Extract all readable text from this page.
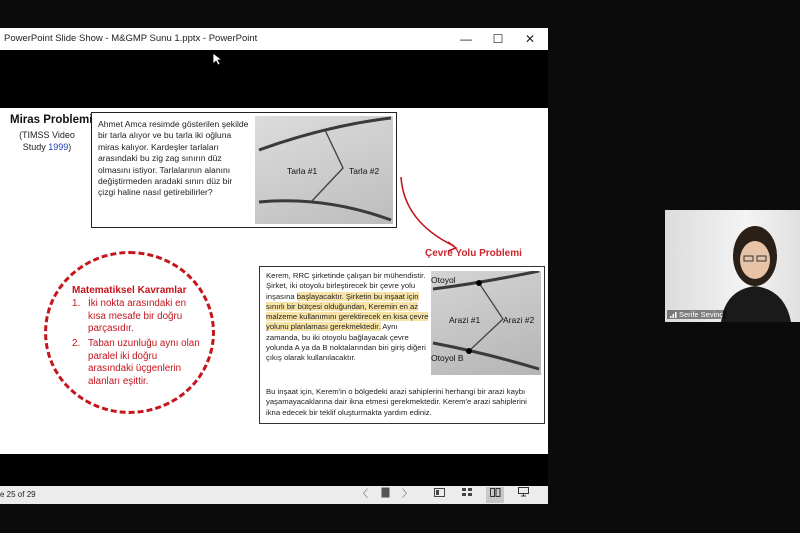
PowerPoint Slide Show - M&GMP Sunu 1.pptx - PowerPoint	—	☐	✕
Miras Problemi
(TIMSS Video Study 1999)
Ahmet Amca resimde gösterilen şekilde bir tarla alıyor ve bu tarla iki oğluna miras kalıyor. Kardeşler tarlaları arasındaki bu zig zag sınırın düz olmasını istiyor. Tarlalarının alanını değiştirmeden aradaki sınırı düz bir çizgi haline nasıl getirebilirler?
Tarla #1	Tarla #2
Çevre Yolu Problemi
Kerem, RRC şirketinde çalışan bir mühendistir. Şirket, iki otoyolu birleştirecek bir çevre yolu inşasına başlayacaktır. Şirketin bu inşaat için sınırlı bir bütçesi olduğundan, Keremin en az malzeme kullanımını gerektirecek en kısa çevre yolunu planlaması gerekmektedir. Aynı zamanda, bu iki otoyolu bağlayacak çevre yolunda A ya da B noktalarından biri giriş diğeri çıkış olarak kullanılacaktır.
Otoyol
Arazi #1	Arazi #2
Otoyol B
Bu inşaat için, Kerem'in o bölgedeki arazi sahiplerini herhangi bir arazi kaybı yaşamayacaklarına dair ikna etmesi gerekmektedir. Kerem'e arazi sahiplerini ikna edecek bir teklif oluşturmakta yardım ediniz.
Matematiksel Kavramlar
1. İki nokta arasındaki en kısa mesafe bir doğru parçasıdır.
2. Taban uzunluğu aynı olan paralel iki doğru arasındaki üçgenlerin alanları eşittir.
e 25 of 29	〈	〉
Serife Sevinç
